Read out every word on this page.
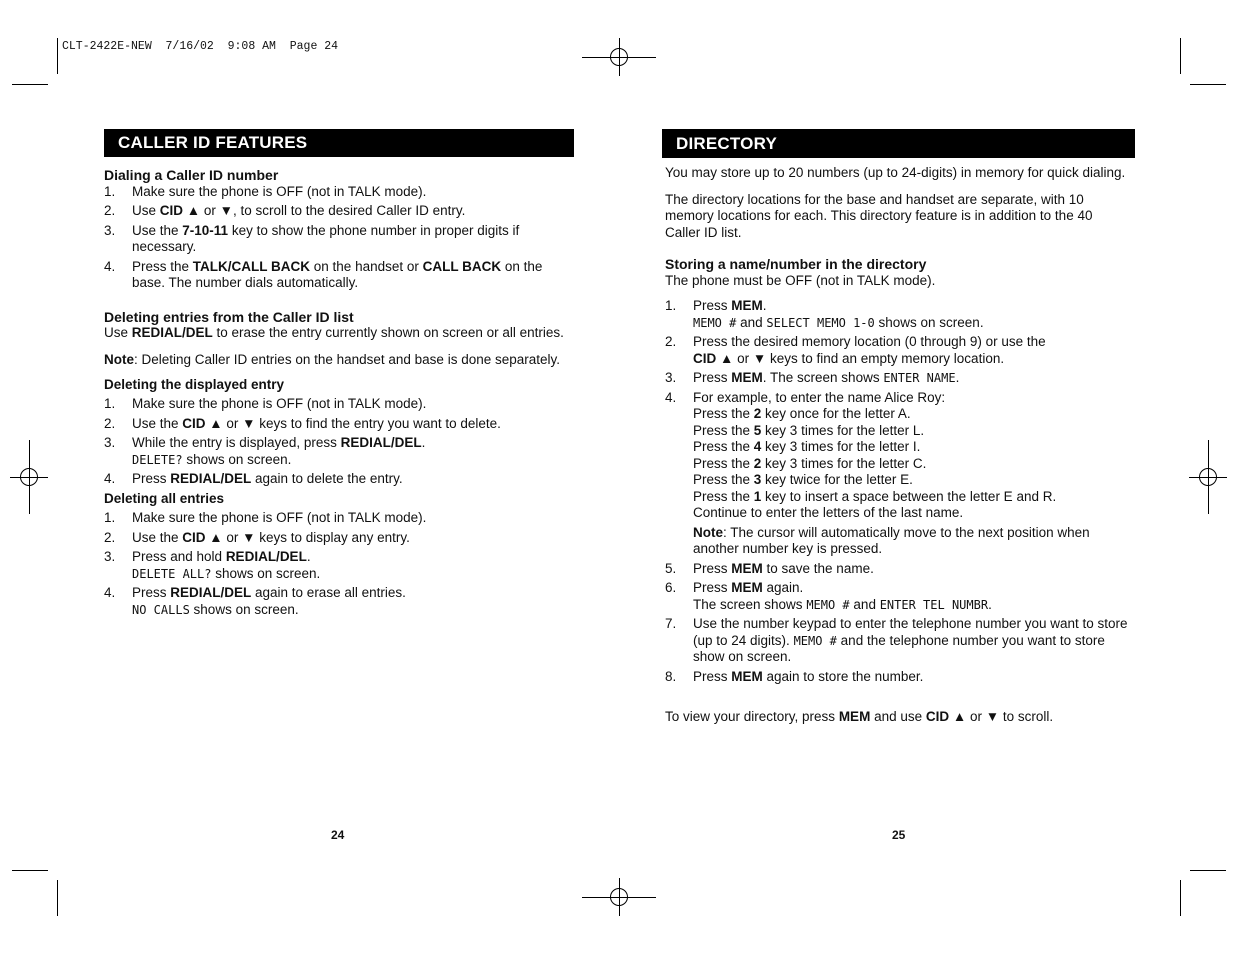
CLT-2422E-NEW  7/16/02  9:08 AM  Page 24
CALLER ID FEATURES
Dialing a Caller ID number
1.	Make sure the phone is OFF (not in TALK mode).
2.	Use CID ▲ or ▼, to scroll to the desired Caller ID entry.
3.	Use the 7-10-11 key to show the phone number in proper digits if necessary.
4.	Press the TALK/CALL BACK on the handset or CALL BACK on the base. The number dials automatically.
Deleting entries from the Caller ID list

Use REDIAL/DEL to erase the entry currently shown on screen or all entries.

Note: Deleting Caller ID entries on the handset and base is done separately.

Deleting the displayed entry
1.	Make sure the phone is OFF (not in TALK mode).
2.	Use the CID ▲ or ▼ keys to find the entry you want to delete.
3.	While the entry is displayed, press REDIAL/DEL.
DELETE? shows on screen.
4.	Press REDIAL/DEL again to delete the entry.
Deleting all entries
1.	Make sure the phone is OFF (not in TALK mode).
2.	Use the CID ▲ or ▼ keys to display any entry.
3.	Press and hold REDIAL/DEL.
DELETE ALL? shows on screen.
4.	Press REDIAL/DEL again to erase all entries.
NO CALLS shows on screen.
24
DIRECTORY

You may store up to 20 numbers (up to 24-digits) in memory for quick dialing.

The directory locations for the base and handset are separate, with 10 memory locations for each. This directory feature is in addition to the 40 Caller ID list.

Storing a name/number in the directory

The phone must be OFF (not in TALK mode).

1.	Press MEM.
MEMO # and SELECT MEMO 1-0 shows on screen.
2.	Press the desired memory location (0 through 9) or use the
CID ▲ or ▼ keys to find an empty memory location.
3.	Press MEM. The screen shows ENTER NAME.
4.	For example, to enter the name Alice Roy:
Press the 2 key once for the letter A.
Press the 5 key 3 times for the letter L.
Press the 4 key 3 times for the letter I.
Press the 2 key 3 times for the letter C.
Press the 3 key twice for the letter E.
Press the 1 key to insert a space between the letter E and R.
Continue to enter the letters of the last name.
Note: The cursor will automatically move to the next position when another number key is pressed.
5.	Press MEM to save the name.
6.	Press MEM again.
The screen shows MEMO # and ENTER TEL NUMBR.
7.	Use the number keypad to enter the telephone number you want to store (up to 24 digits). MEMO # and the telephone number you want to store show on screen.
8.	Press MEM again to store the number.

To view your directory, press MEM and use CID ▲ or ▼ to scroll.

25
